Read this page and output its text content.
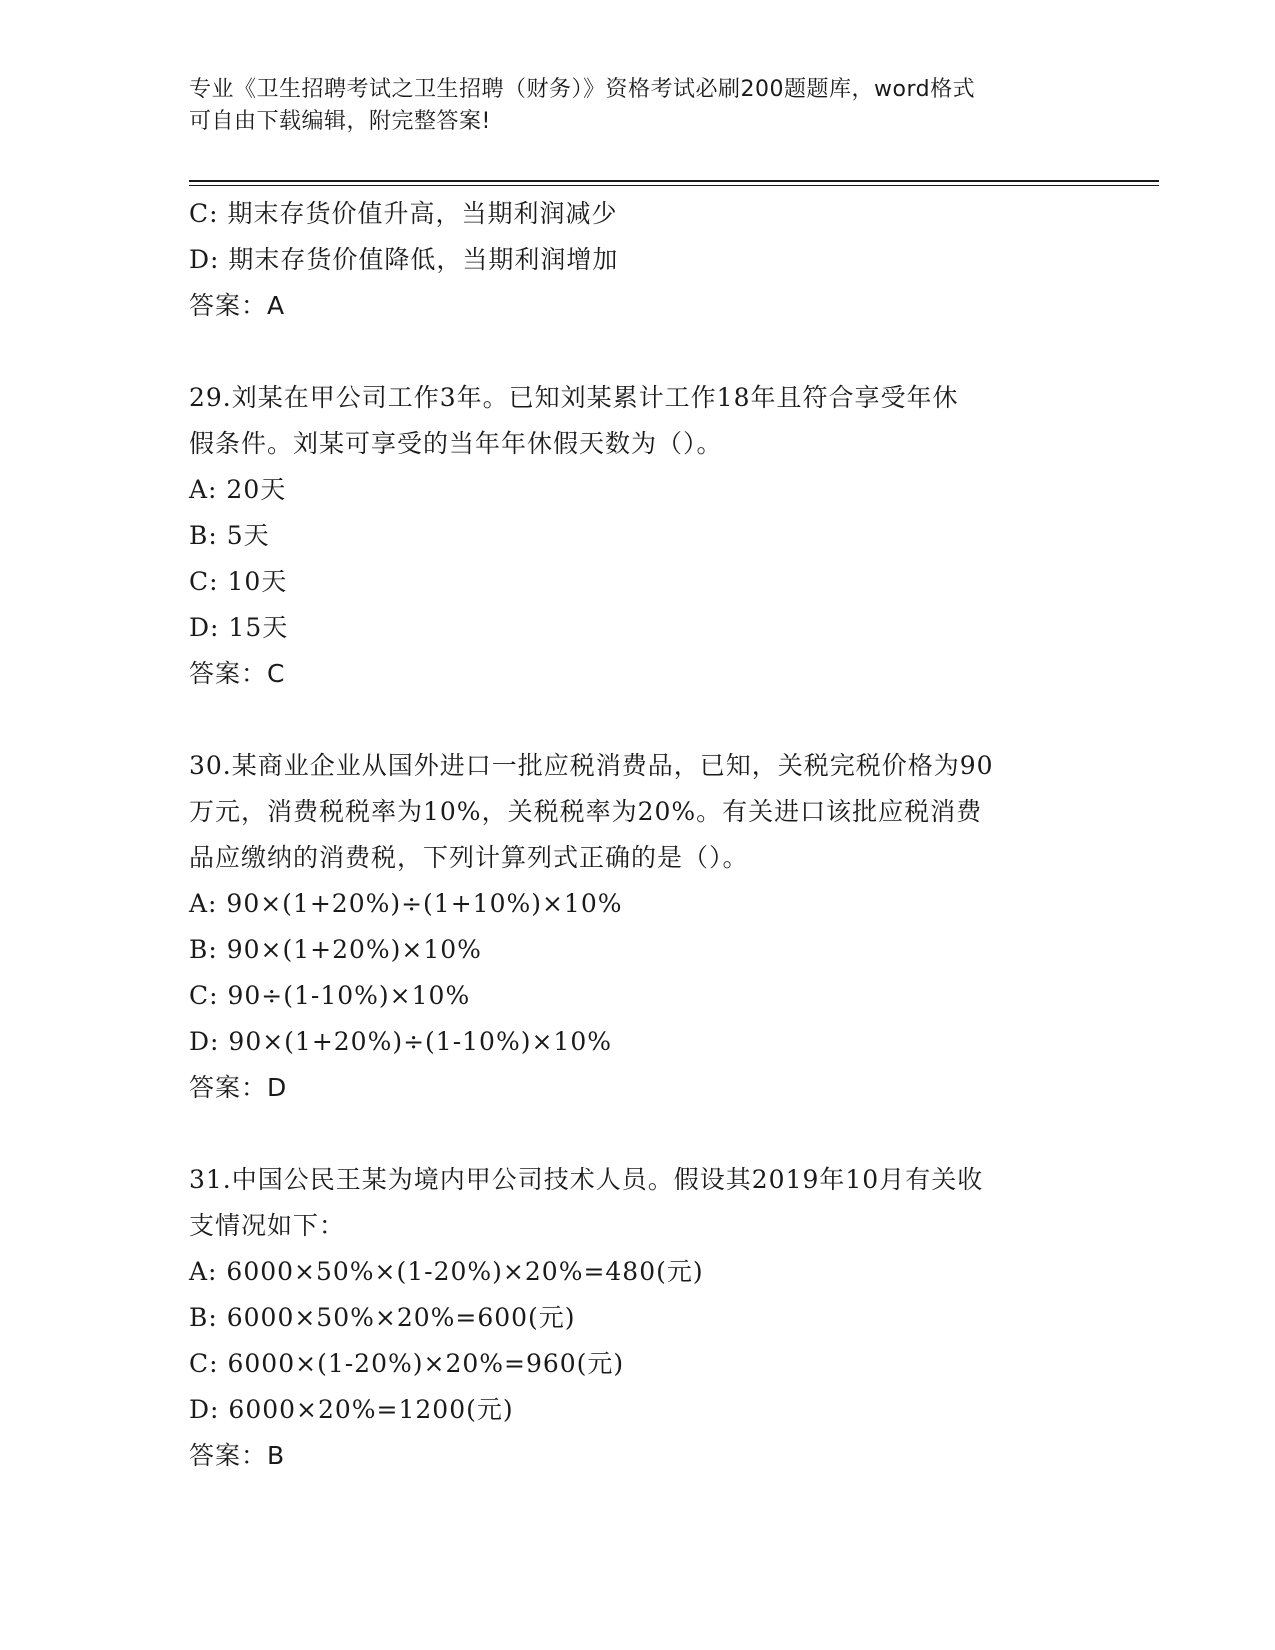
专业《卫生招聘考试之卫生招聘（财务）》资格考试必刷200题题库，word格式
可自由下载编辑，附完整答案!
C: 期末存货价值升高，当期利润减少
D: 期末存货价值降低，当期利润增加
答案：A
29.刘某在甲公司工作3年。已知刘某累计工作18年且符合享受年休
假条件。刘某可享受的当年年休假天数为（）。
A: 20天
B: 5天
C: 10天
D: 15天
答案：C
30.某商业企业从国外进口一批应税消费品，已知，关税完税价格为90
万元，消费税税率为10%，关税税率为20%。有关进口该批应税消费
品应缴纳的消费税，下列计算列式正确的是（）。
A: 90×(1+20%)÷(1+10%)×10%
B: 90×(1+20%)×10%
C: 90÷(1-10%)×10%
D: 90×(1+20%)÷(1-10%)×10%
答案：D
31.中国公民王某为境内甲公司技术人员。假设其2019年10月有关收
支情况如下：
A: 6000×50%×(1-20%)×20%=480(元)
B: 6000×50%×20%=600(元)
C: 6000×(1-20%)×20%=960(元)
D: 6000×20%=1200(元)
答案：B
